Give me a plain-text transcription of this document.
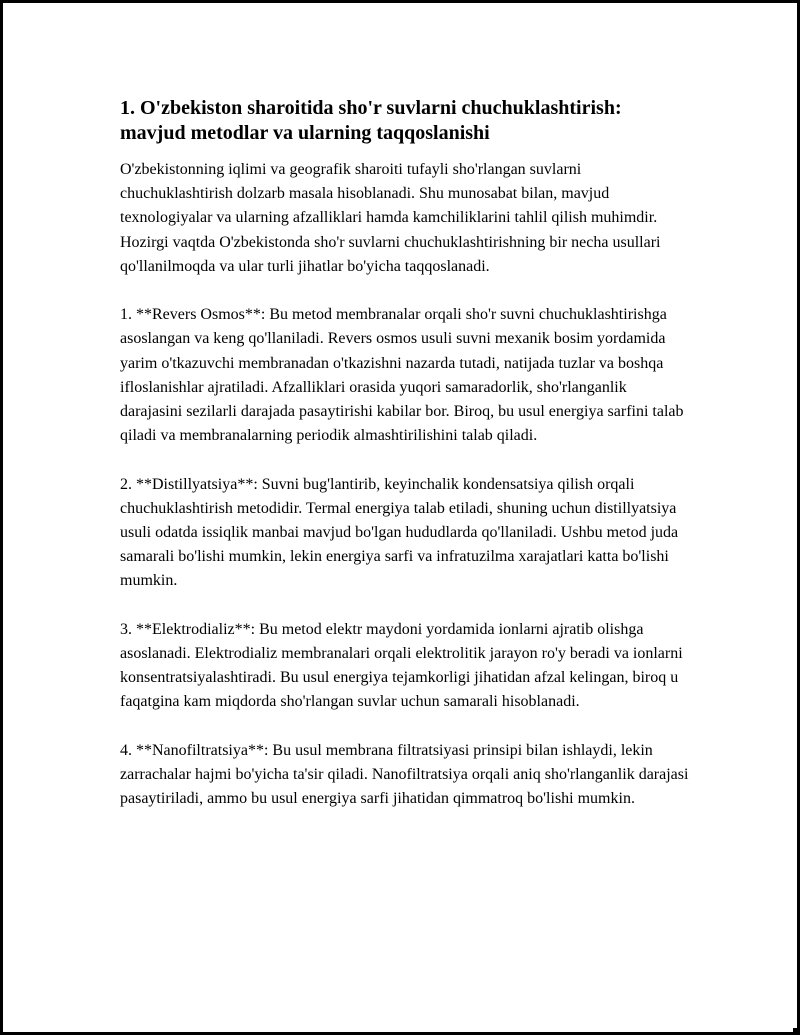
1. O'zbekiston sharoitida sho'r suvlarni chuchuklashtirish: mavjud metodlar va ularning taqqoslanishi

O'zbekistonning iqlimi va geografik sharoiti tufayli sho'rlangan suvlarni chuchuklashtirish dolzarb masala hisoblanadi. Shu munosabat bilan, mavjud texnologiyalar va ularning afzalliklari hamda kamchiliklarini tahlil qilish muhimdir. Hozirgi vaqtda O'zbekistonda sho'r suvlarni chuchuklashtirishning bir necha usullari qo'llanilmoqda va ular turli jihatlar bo'yicha taqqoslanadi.

1. **Revers Osmos**: Bu metod membranalar orqali sho'r suvni chuchuklashtirishga asoslangan va keng qo'llaniladi. Revers osmos usuli suvni mexanik bosim yordamida yarim o'tkazuvchi membranadan o'tkazishni nazarda tutadi, natijada tuzlar va boshqa ifloslanishlar ajratiladi. Afzalliklari orasida yuqori samaradorlik, sho'rlanganlik darajasini sezilarli darajada pasaytirishi kabilar bor. Biroq, bu usul energiya sarfini talab qiladi va membranalarning periodik almashtirilishini talab qiladi.

2. **Distillyatsiya**: Suvni bug'lantirib, keyinchalik kondensatsiya qilish orqali chuchuklashtirish metodidir. Termal energiya talab etiladi, shuning uchun distillyatsiya usuli odatda issiqlik manbai mavjud bo'lgan hududlarda qo'llaniladi. Ushbu metod juda samarali bo'lishi mumkin, lekin energiya sarfi va infratuzilma xarajatlari katta bo'lishi mumkin.

3. **Elektrodializ**: Bu metod elektr maydoni yordamida ionlarni ajratib olishga asoslanadi. Elektrodializ membranalari orqali elektrolitik jarayon ro'y beradi va ionlarni konsentratsiyalashtiradi. Bu usul energiya tejamkorligi jihatidan afzal kelingan, biroq u faqatgina kam miqdorda sho'rlangan suvlar uchun samarali hisoblanadi.

4. **Nanofiltratsiya**: Bu usul membrana filtratsiyasi prinsipi bilan ishlaydi, lekin zarrachalar hajmi bo'yicha ta'sir qiladi. Nanofiltratsiya orqali aniq sho'rlanganlik darajasi pasaytiriladi, ammo bu usul energiya sarfi jihatidan qimmatroq bo'lishi mumkin.
